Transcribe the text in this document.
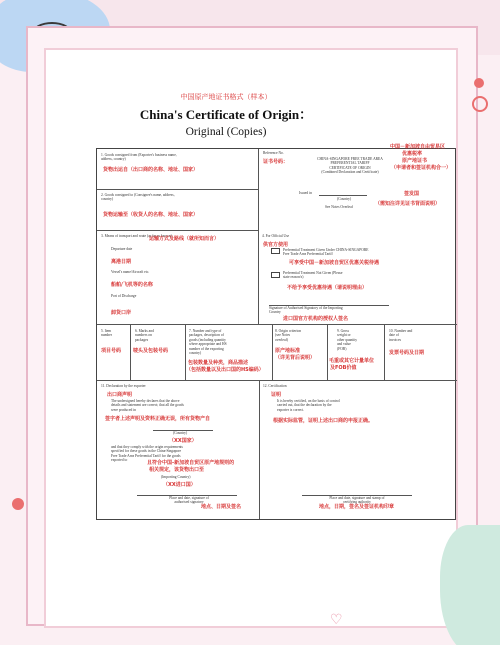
♡
中国原产地证书格式（样本）
China's Certificate of Origin：
Original (Copies)
1. Goods consigned from (Exporter's business name,
address, country)
货物出运自（出口商的名称、地址、国家）
2. Goods consigned to (Consignee's name, address,
country)
货物运输至（收货人的名称、地址、国家）
Reference No.
证书号码：	CHINA-SINGAPORE FREE TRADE AREA
PREFERENTIAL TARIFF
CERTIFICATE OF ORIGIN
(Combined Declaration and Certificate)
中国－新加坡自由贸易区
优惠税率
原产地证书
（申请者和签证机构合一）
Issued in
(Country)
See Notes Overleaf
签发国
（需知注详见证书背面说明）
3. Means of transport and route (as far as known)
运输方式及路线（就所知而言）
Departure date
离港日期
Vessel's name/Aircraft etc.
船舶/飞机等的名称
Port of Discharge
卸货口岸
4. For Official Use
供官方使用
Preferential Treatment Given Under CHINA-SINGAPORE
Free Trade Area Preferential Tariff
可享受中国－新加坡自贸区优惠关税待遇
Preferential Treatment Not Given (Please
state reason/s)
不给予享受优惠待遇（请说明理由）
Signature of Authorised Signatory of the Importing
Country
进口国官方机构的授权人签名
5. Item
number
项目号码
6. Marks and
numbers on
packages
唛头及包装号码
7. Number and type of
packages, description of
goods (including quantity
where appropriate and HS
number of the exporting
country)
包装数量及种类，商品描述
（包括数量以及出口国的HS编码）
8. Origin criterion
(see Notes
overleaf)
原产地标准
（详见背后说明）
9. Gross
weight or
other quantity
and value
(FOB)
毛重或其它计量单位
及FOB价值
10. Number and
date of
invoices
发票号码及日期
11. Declaration by the exporter
出口商声明
The undersigned hereby declares that the above
details and statement are correct; that all the goods
were produced in
签字者上述声明及资料正确无误，所有货物产自
(Country)
（XX国家）
and that they comply with the origin requirements
specified for these goods in the China-Singapore
Free Trade Area Preferential Tariff for the goods
exported to	且符合中国-新加坡自贸区原产地规则的
相关规定，该货物出口至
(Importing Country)
（XX进口国）
Place and date, signature of
authorised signatory
地点、日期及签名
12. Certification
证明
It is hereby certified, on the basis of control
carried out, that the declaration by the
exporter is correct.
根据实际监管，证明上述出口商的申报正确。
Place and date, signature and stamp of
certifying authority
地点，日期，签名及签证机构印章
